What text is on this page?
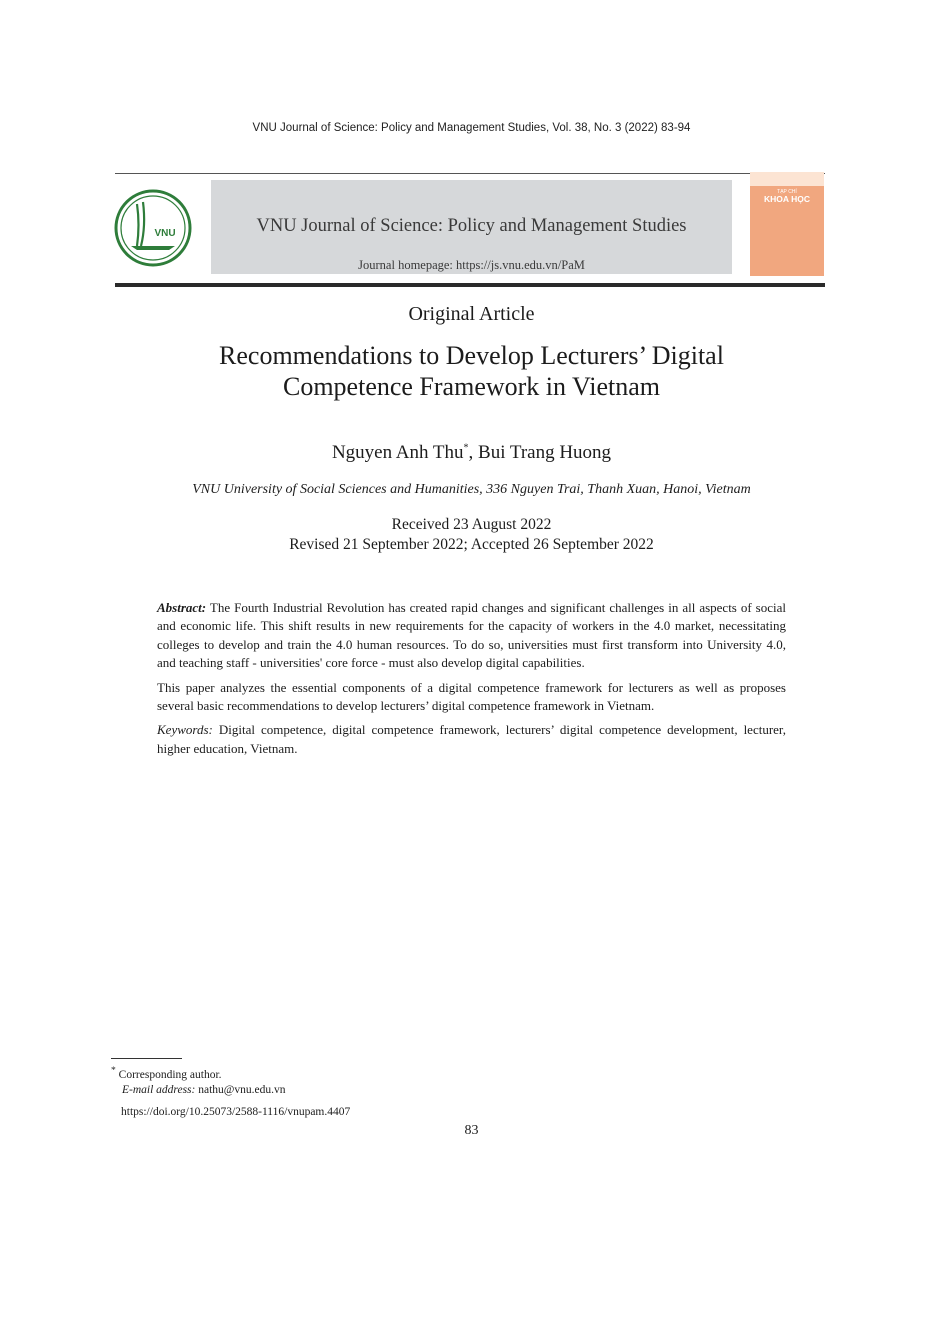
VNU Journal of Science: Policy and Management Studies, Vol. 38, No. 3 (2022) 83-94
VNU	VNU Journal of Science: Policy and Management Studies
Journal homepage: https://js.vnu.edu.vn/PaM
TẠP CHÍ
KHOA HỌC
Original Article
Recommendations to Develop Lecturers’ Digital
Competence Framework in Vietnam
Nguyen Anh Thu*, Bui Trang Huong
VNU University of Social Sciences and Humanities, 336 Nguyen Trai, Thanh Xuan, Hanoi, Vietnam
Received 23 August 2022
Revised 21 September 2022; Accepted 26 September 2022

Abstract: The Fourth Industrial Revolution has created rapid changes and significant challenges in all aspects of social and economic life. This shift results in new requirements for the capacity of workers in the 4.0 market, necessitating colleges to develop and train the 4.0 human resources. To do so, universities must first transform into University 4.0, and teaching staff - universities' core force - must also develop digital capabilities.

This paper analyzes the essential components of a digital competence framework for lecturers as well as proposes several basic recommendations to develop lecturers’ digital competence framework in Vietnam.

Keywords: Digital competence, digital competence framework, lecturers’ digital competence development, lecturer, higher education, Vietnam.

* Corresponding author.
E-mail address: nathu@vnu.edu.vn
https://doi.org/10.25073/2588-1116/vnupam.4407
83
